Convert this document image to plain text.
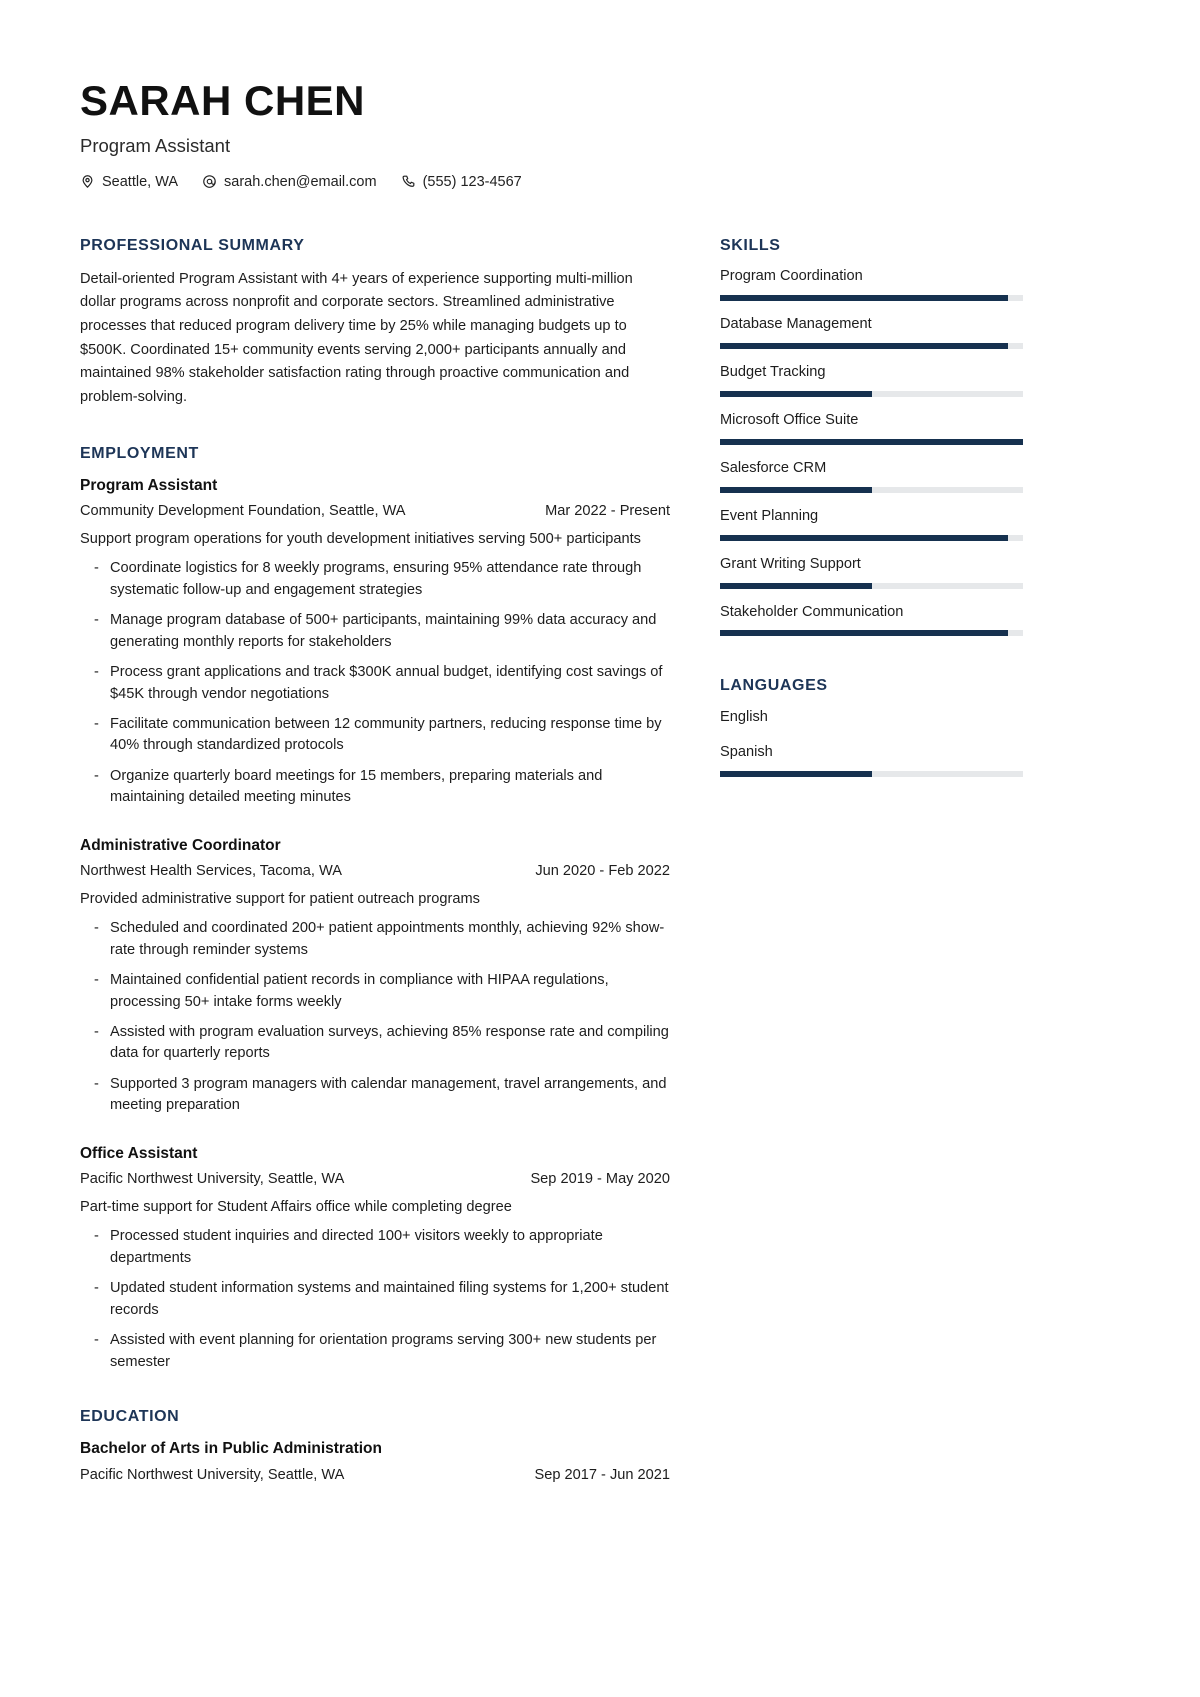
SARAH CHEN
Program Assistant
Seattle, WA	sarah.chen@email.com	(555) 123-4567
PROFESSIONAL SUMMARY

Detail-oriented Program Assistant with 4+ years of experience supporting multi-million dollar programs across nonprofit and corporate sectors. Streamlined administrative processes that reduced program delivery time by 25% while managing budgets up to $500K. Coordinated 15+ community events serving 2,000+ participants annually and maintained 98% stakeholder satisfaction rating through proactive communication and problem-solving.

EMPLOYMENT
Program Assistant
Community Development Foundation, Seattle, WA	Mar 2022 - Present
Support program operations for youth development initiatives serving 500+ participants
- Coordinate logistics for 8 weekly programs, ensuring 95% attendance rate through systematic follow-up and engagement strategies
- Manage program database of 500+ participants, maintaining 99% data accuracy and generating monthly reports for stakeholders
- Process grant applications and track $300K annual budget, identifying cost savings of $45K through vendor negotiations
- Facilitate communication between 12 community partners, reducing response time by 40% through standardized protocols
- Organize quarterly board meetings for 15 members, preparing materials and maintaining detailed meeting minutes
Administrative Coordinator
Northwest Health Services, Tacoma, WA	Jun 2020 - Feb 2022
Provided administrative support for patient outreach programs
- Scheduled and coordinated 200+ patient appointments monthly, achieving 92% show-rate through reminder systems
- Maintained confidential patient records in compliance with HIPAA regulations, processing 50+ intake forms weekly
- Assisted with program evaluation surveys, achieving 85% response rate and compiling data for quarterly reports
- Supported 3 program managers with calendar management, travel arrangements, and meeting preparation
Office Assistant
Pacific Northwest University, Seattle, WA	Sep 2019 - May 2020
Part-time support for Student Affairs office while completing degree
- Processed student inquiries and directed 100+ visitors weekly to appropriate departments
- Updated student information systems and maintained filing systems for 1,200+ student records
- Assisted with event planning for orientation programs serving 300+ new students per semester
EDUCATION
Bachelor of Arts in Public Administration
Pacific Northwest University, Seattle, WA	Sep 2017 - Jun 2021
SKILLS
Program Coordination
Database Management
Budget Tracking
Microsoft Office Suite
Salesforce CRM
Event Planning
Grant Writing Support
Stakeholder Communication
LANGUAGES
English
Spanish
